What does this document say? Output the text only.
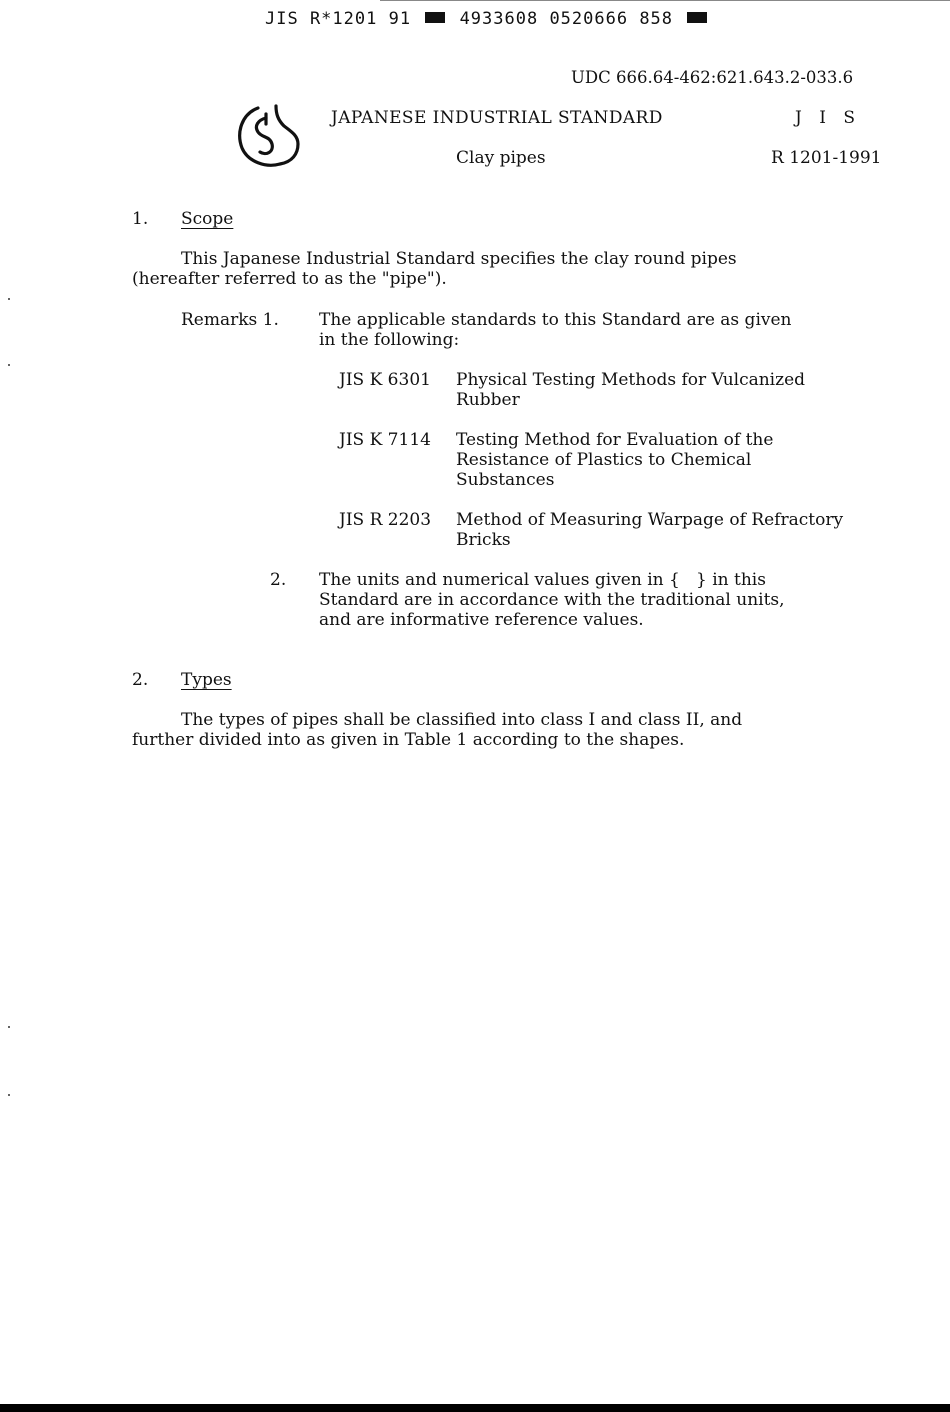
JIS R*1201 91	4933608 0520666 858
UDC 666.64-462:621.643.2-033.6
JAPANESE INDUSTRIAL STANDARD	J I S
Clay pipes	R 1201-1991
1. Scope
This Japanese Industrial Standard specifies the clay round pipes
(hereafter referred to as the "pipe").
Remarks 1. The applicable standards to this Standard are as given
in the following:
JIS K 6301 Physical Testing Methods for Vulcanized
Rubber
JIS K 7114 Testing Method for Evaluation of the
Resistance of Plastics to Chemical
Substances
JIS R 2203 Method of Measuring Warpage of Refractory
Bricks
2. The units and numerical values given in {   } in this
Standard are in accordance with the traditional units,
and are informative reference values.
2. Types
The types of pipes shall be classified into class I and class II, and
further divided into as given in Table 1 according to the shapes.
